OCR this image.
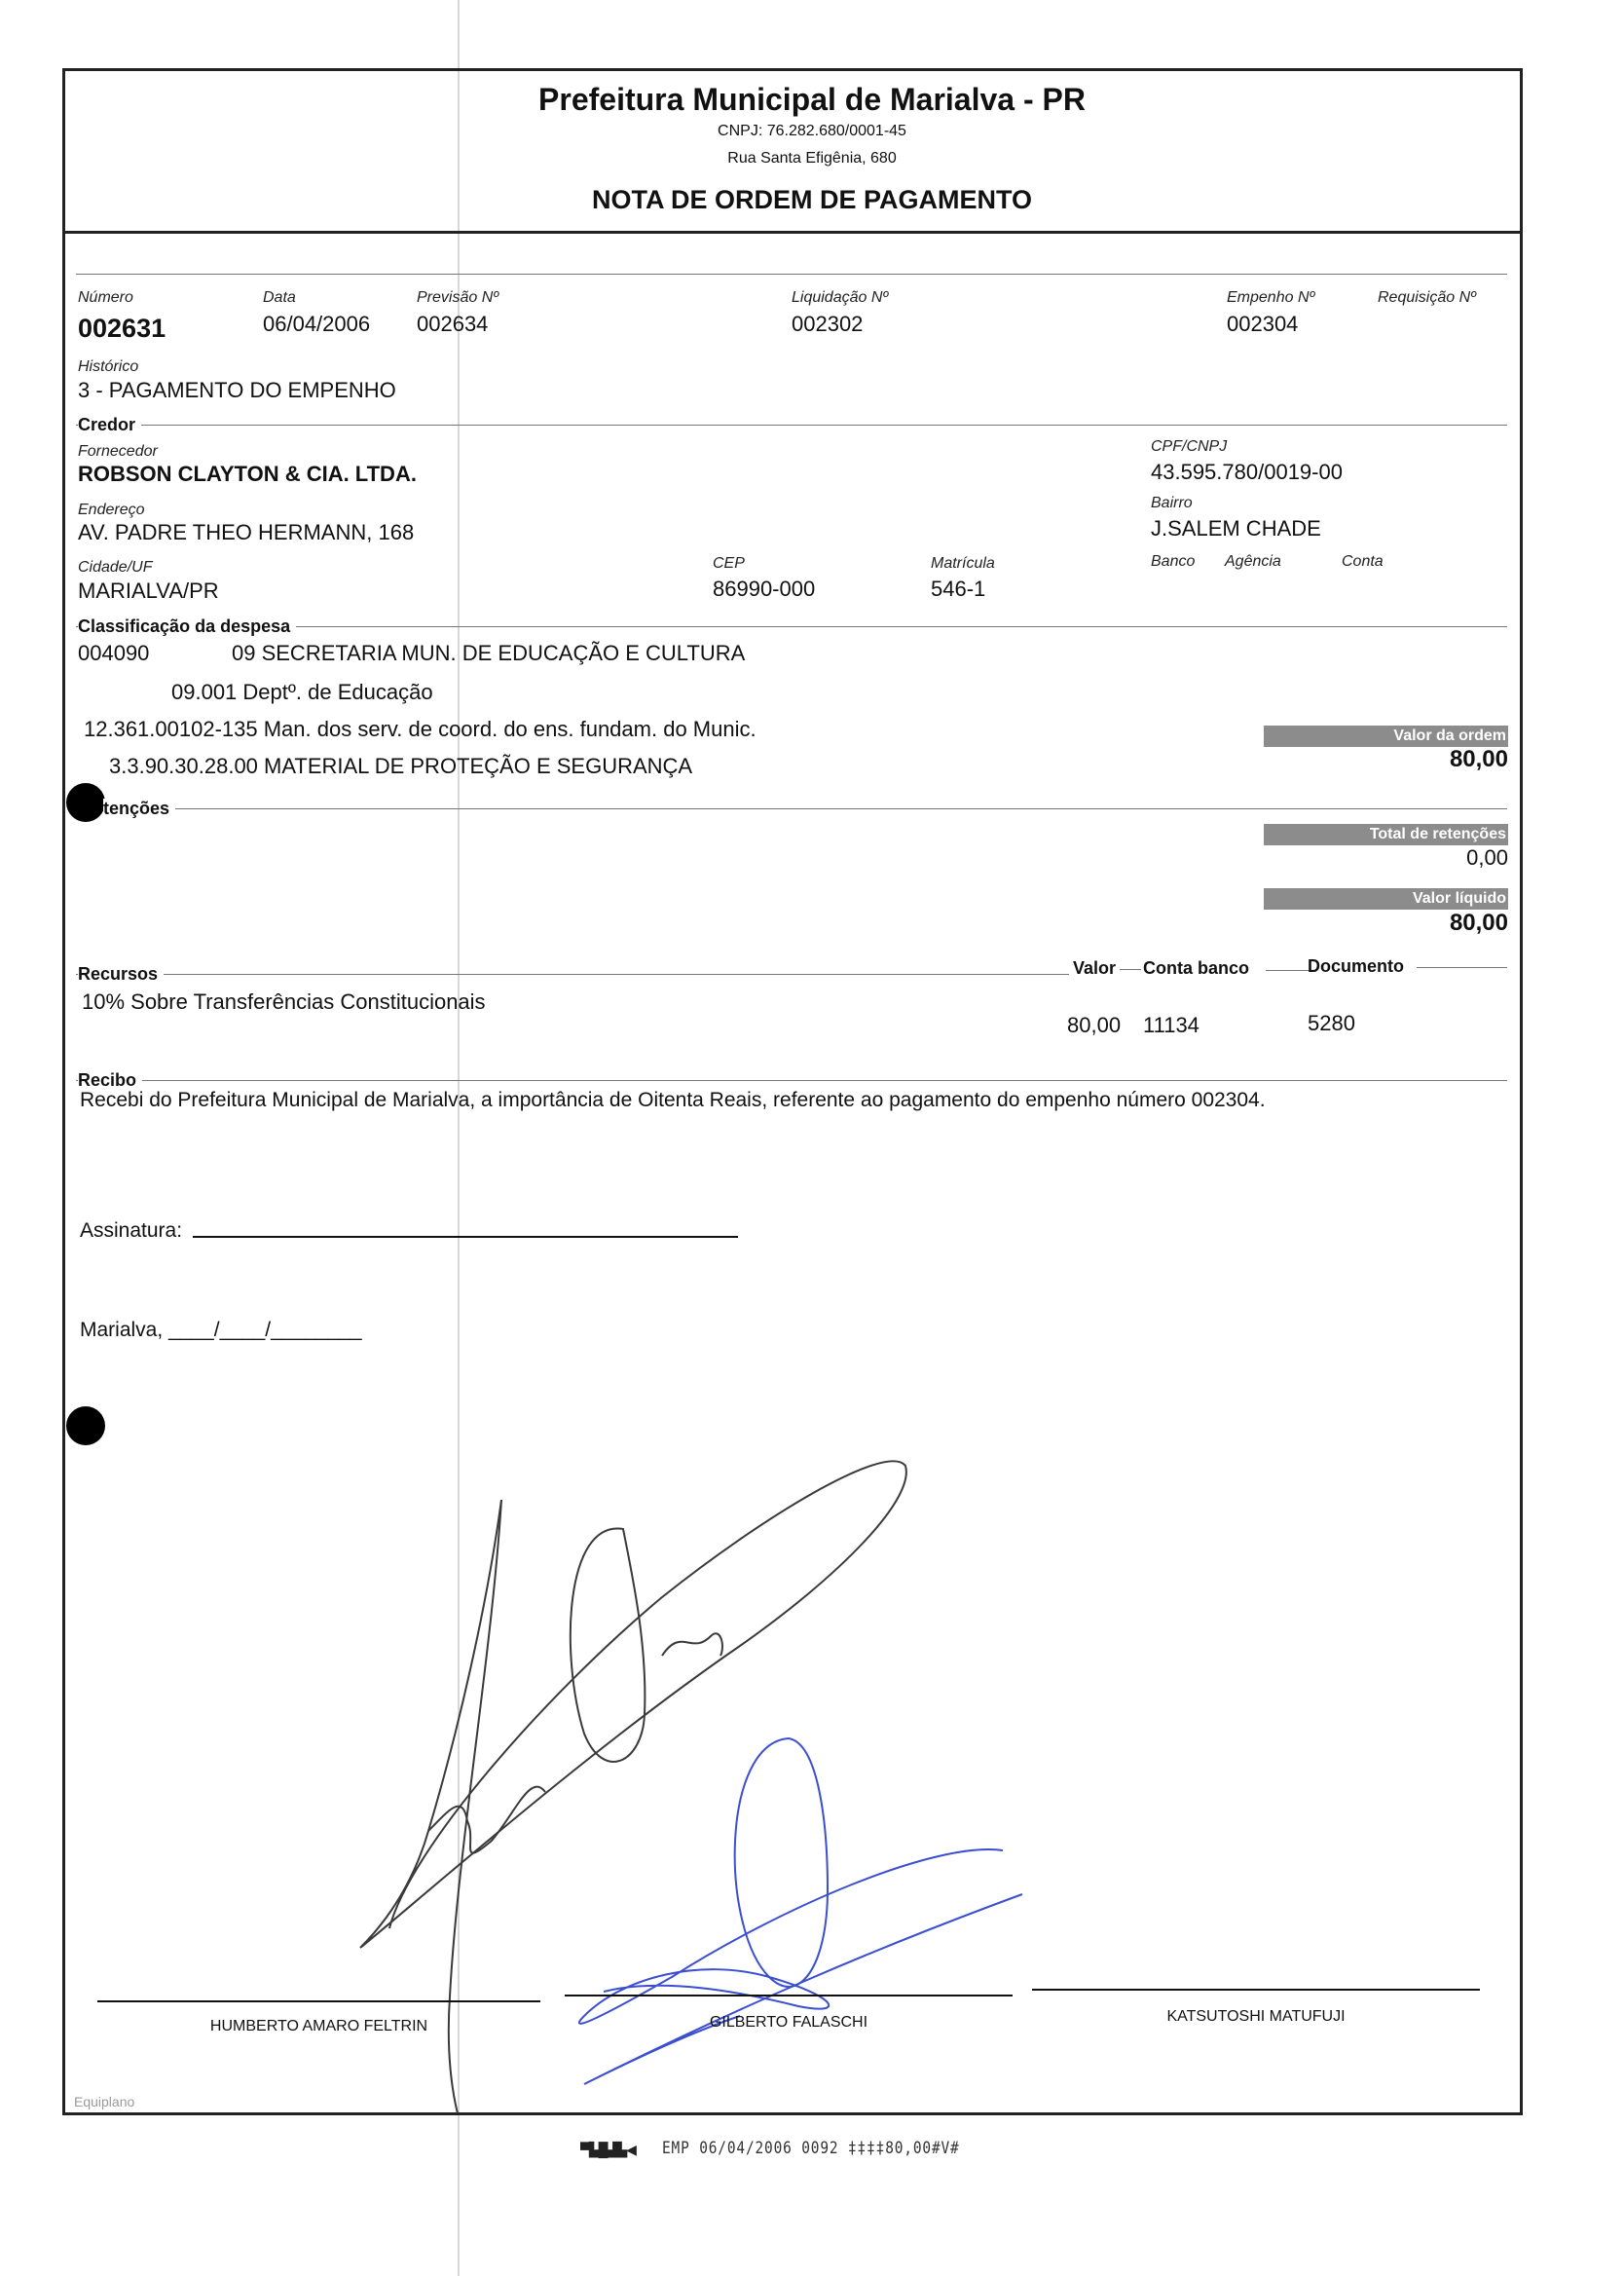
Prefeitura Municipal de Marialva - PR
CNPJ: 76.282.680/0001-45
Rua Santa Efigênia, 680
NOTA DE ORDEM DE PAGAMENTO
Número
002631
Data
06/04/2006
Previsão Nº
002634
Liquidação Nº
002302
Empenho Nº
002304
Requisição Nº
Histórico
3 - PAGAMENTO DO EMPENHO
Credor
Fornecedor
ROBSON CLAYTON & CIA. LTDA.
CPF/CNPJ
43.595.780/0019-00
Endereço
AV. PADRE THEO HERMANN, 168
Bairro
J.SALEM CHADE
Cidade/UF
MARIALVA/PR
CEP
86990-000
Matrícula
546-1
Banco Agência	Conta
Classificação da despesa
004090	09 SECRETARIA MUN. DE EDUCAÇÃO E CULTURA
09.001 Deptº. de Educação
12.361.00102-135 Man. dos serv. de coord. do ens. fundam. do Munic.
3.3.90.30.28.00 MATERIAL DE PROTEÇÃO E SEGURANÇA
Valor da ordem
80,00
tenções
Total de retenções
0,00
Valor líquido
80,00
Recursos	Valor Conta banco	Documento
10% Sobre Transferências Constitucionais
80,00 11134	5280
Recibo
Recebi do Prefeitura Municipal de Marialva, a importância de Oitenta Reais, referente ao pagamento do empenho número 002304.
Assinatura:
Marialva, ____/____/________
HUMBERTO AMARO FELTRIN	GILBERTO FALASCHI	KATSUTOSHI MATUFUJI
Equiplano
▀▙█▟▙◀ EMP 06/04/2006 0092 ‡‡‡‡80,00#V#
